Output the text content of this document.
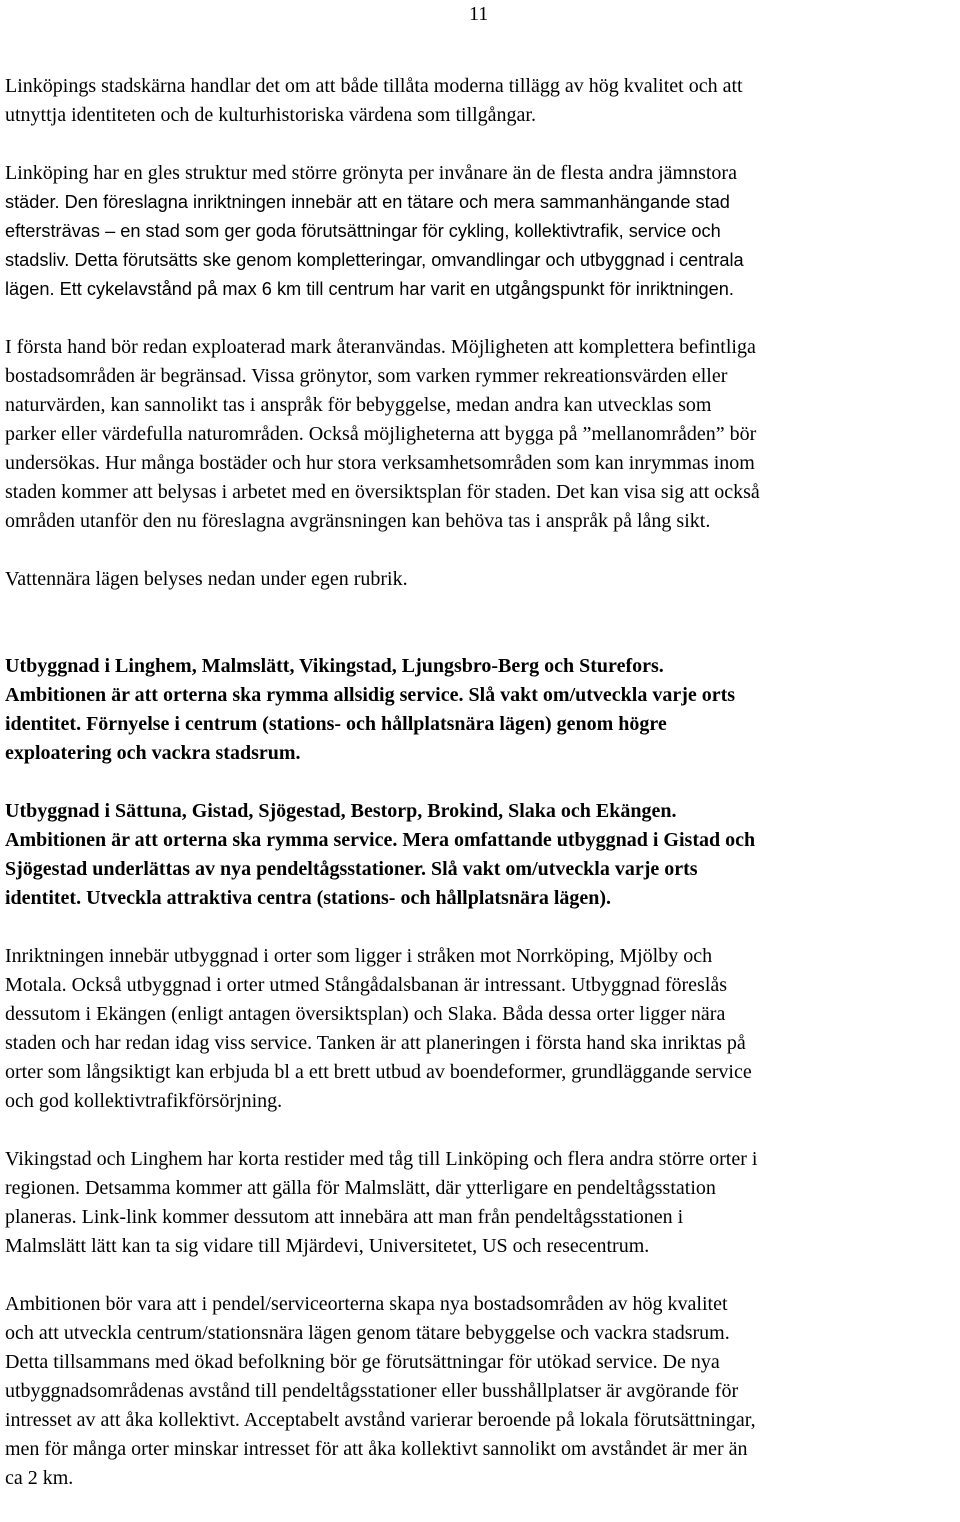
11

Linköpings stadskärna handlar det om att både tillåta moderna tillägg av hög kvalitet och att
utnyttja identiteten och de kulturhistoriska värdena som tillgångar.

Linköping har en gles struktur med större grönyta per invånare än de flesta andra jämnstora
städer. Den föreslagna inriktningen innebär att en tätare och mera sammanhängande stad
eftersträvas – en stad som ger goda förutsättningar för cykling, kollektivtrafik, service och
stadsliv. Detta förutsätts ske genom kompletteringar, omvandlingar och utbyggnad i centrala
lägen. Ett cykelavstånd på max 6 km till centrum har varit en utgångspunkt för inriktningen.

I första hand bör redan exploaterad mark återanvändas. Möjligheten att komplettera befintliga
bostadsområden är begränsad. Vissa grönytor, som varken rymmer rekreationsvärden eller
naturvärden, kan sannolikt tas i anspråk för bebyggelse, medan andra kan utvecklas som
parker eller värdefulla naturområden. Också möjligheterna att bygga på ”mellanområden” bör
undersökas. Hur många bostäder och hur stora verksamhetsområden som kan inrymmas inom
staden kommer att belysas i arbetet med en översiktsplan för staden. Det kan visa sig att också
områden utanför den nu föreslagna avgränsningen kan behöva tas i anspråk på lång sikt.

Vattennära lägen belyses nedan under egen rubrik.

Utbyggnad i Linghem, Malmslätt, Vikingstad, Ljungsbro-Berg och Sturefors.
Ambitionen är att orterna ska rymma allsidig service. Slå vakt om/utveckla varje orts
identitet. Förnyelse i centrum (stations- och hållplatsnära lägen) genom högre
exploatering och vackra stadsrum.

Utbyggnad i Sättuna, Gistad, Sjögestad, Bestorp, Brokind, Slaka och Ekängen.
Ambitionen är att orterna ska rymma service. Mera omfattande utbyggnad i Gistad och
Sjögestad underlättas av nya pendeltågsstationer. Slå vakt om/utveckla varje orts
identitet. Utveckla attraktiva centra (stations- och hållplatsnära lägen).

Inriktningen innebär utbyggnad i orter som ligger i stråken mot Norrköping, Mjölby och
Motala. Också utbyggnad i orter utmed Stångådalsbanan är intressant. Utbyggnad föreslås
dessutom i Ekängen (enligt antagen översiktsplan) och Slaka. Båda dessa orter ligger nära
staden och har redan idag viss service. Tanken är att planeringen i första hand ska inriktas på
orter som långsiktigt kan erbjuda bl a ett brett utbud av boendeformer, grundläggande service
och god kollektivtrafikförsörjning.

Vikingstad och Linghem har korta restider med tåg till Linköping och flera andra större orter i
regionen. Detsamma kommer att gälla för Malmslätt, där ytterligare en pendeltågsstation
planeras. Link-link kommer dessutom att innebära att man från pendeltågsstationen i
Malmslätt lätt kan ta sig vidare till Mjärdevi, Universitetet, US och resecentrum.

Ambitionen bör vara att i pendel/serviceorterna skapa nya bostadsområden av hög kvalitet
och att utveckla centrum/stationsnära lägen genom tätare bebyggelse och vackra stadsrum.
Detta tillsammans med ökad befolkning bör ge förutsättningar för utökad service. De nya
utbyggnadsområdenas avstånd till pendeltågsstationer eller busshållplatser är avgörande för
intresset av att åka kollektivt. Acceptabelt avstånd varierar beroende på lokala förutsättningar,
men för många orter minskar intresset för att åka kollektivt sannolikt om avståndet är mer än
ca 2 km.
